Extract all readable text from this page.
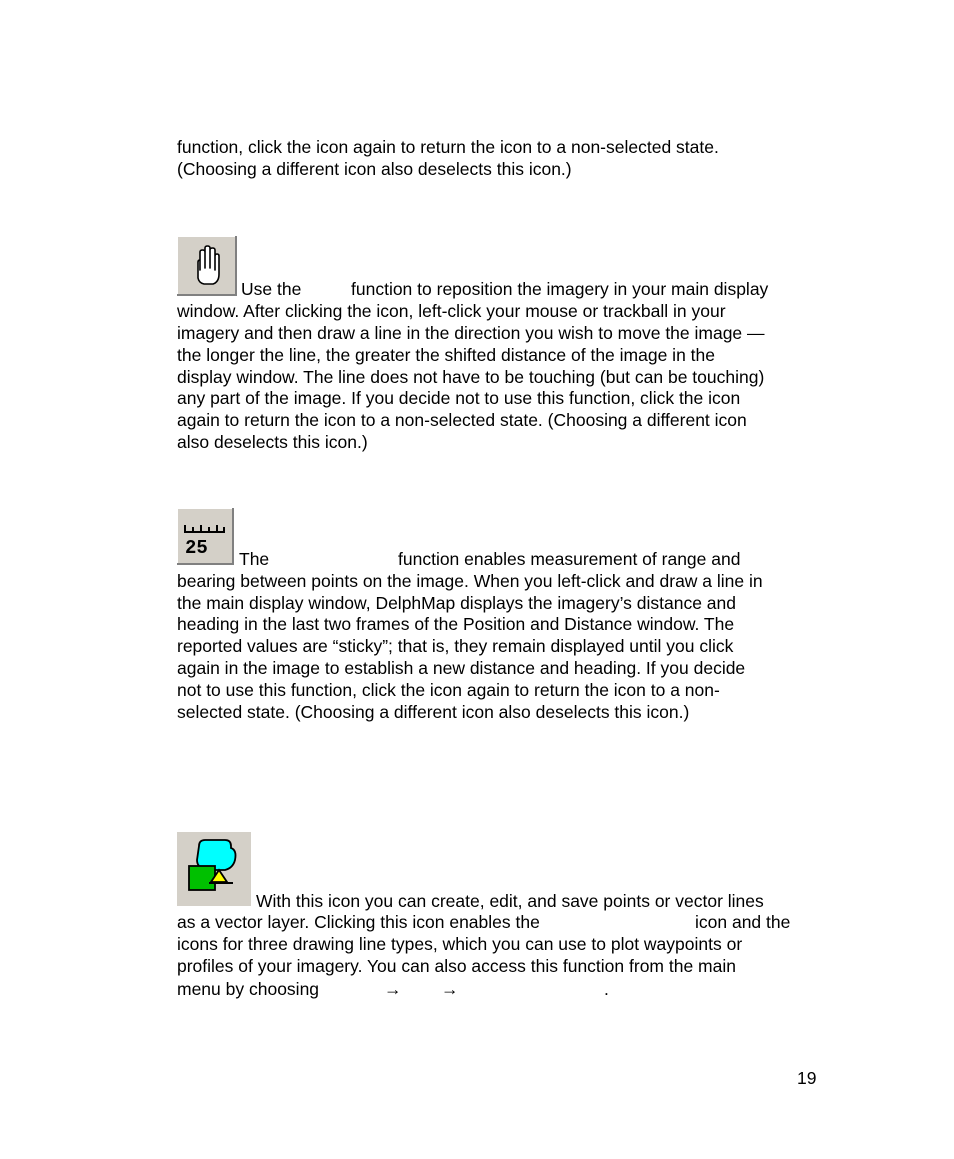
function, click the icon again to return the icon to a non-selected state.
(Choosing a different icon also deselects this icon.)
Use the	function to reposition the imagery in your main display
window. After clicking the icon, left-click your mouse or trackball in your
imagery and then draw a line in the direction you wish to move the image —
the longer the line, the greater the shifted distance of the image in the
display window. The line does not have to be touching (but can be touching)
any part of the image. If you decide not to use this function, click the icon
again to return the icon to a non-selected state. (Choosing a different icon
also deselects this icon.)
25 The	function enables measurement of range and
bearing between points on the image. When you left-click and draw a line in
the main display window, DelphMap displays the imagery’s distance and
heading in the last two frames of the Position and Distance window. The
reported values are “sticky”; that is, they remain displayed until you click
again in the image to establish a new distance and heading. If you decide
not to use this function, click the icon again to return the icon to a non-
selected state. (Choosing a different icon also deselects this icon.)
With this icon you can create, edit, and save points or vector lines
as a vector layer. Clicking this icon enables the	icon and the
icons for three drawing line types, which you can use to plot waypoints or
profiles of your imagery. You can also access this function from the main
menu by choosing	→ →	.
19
